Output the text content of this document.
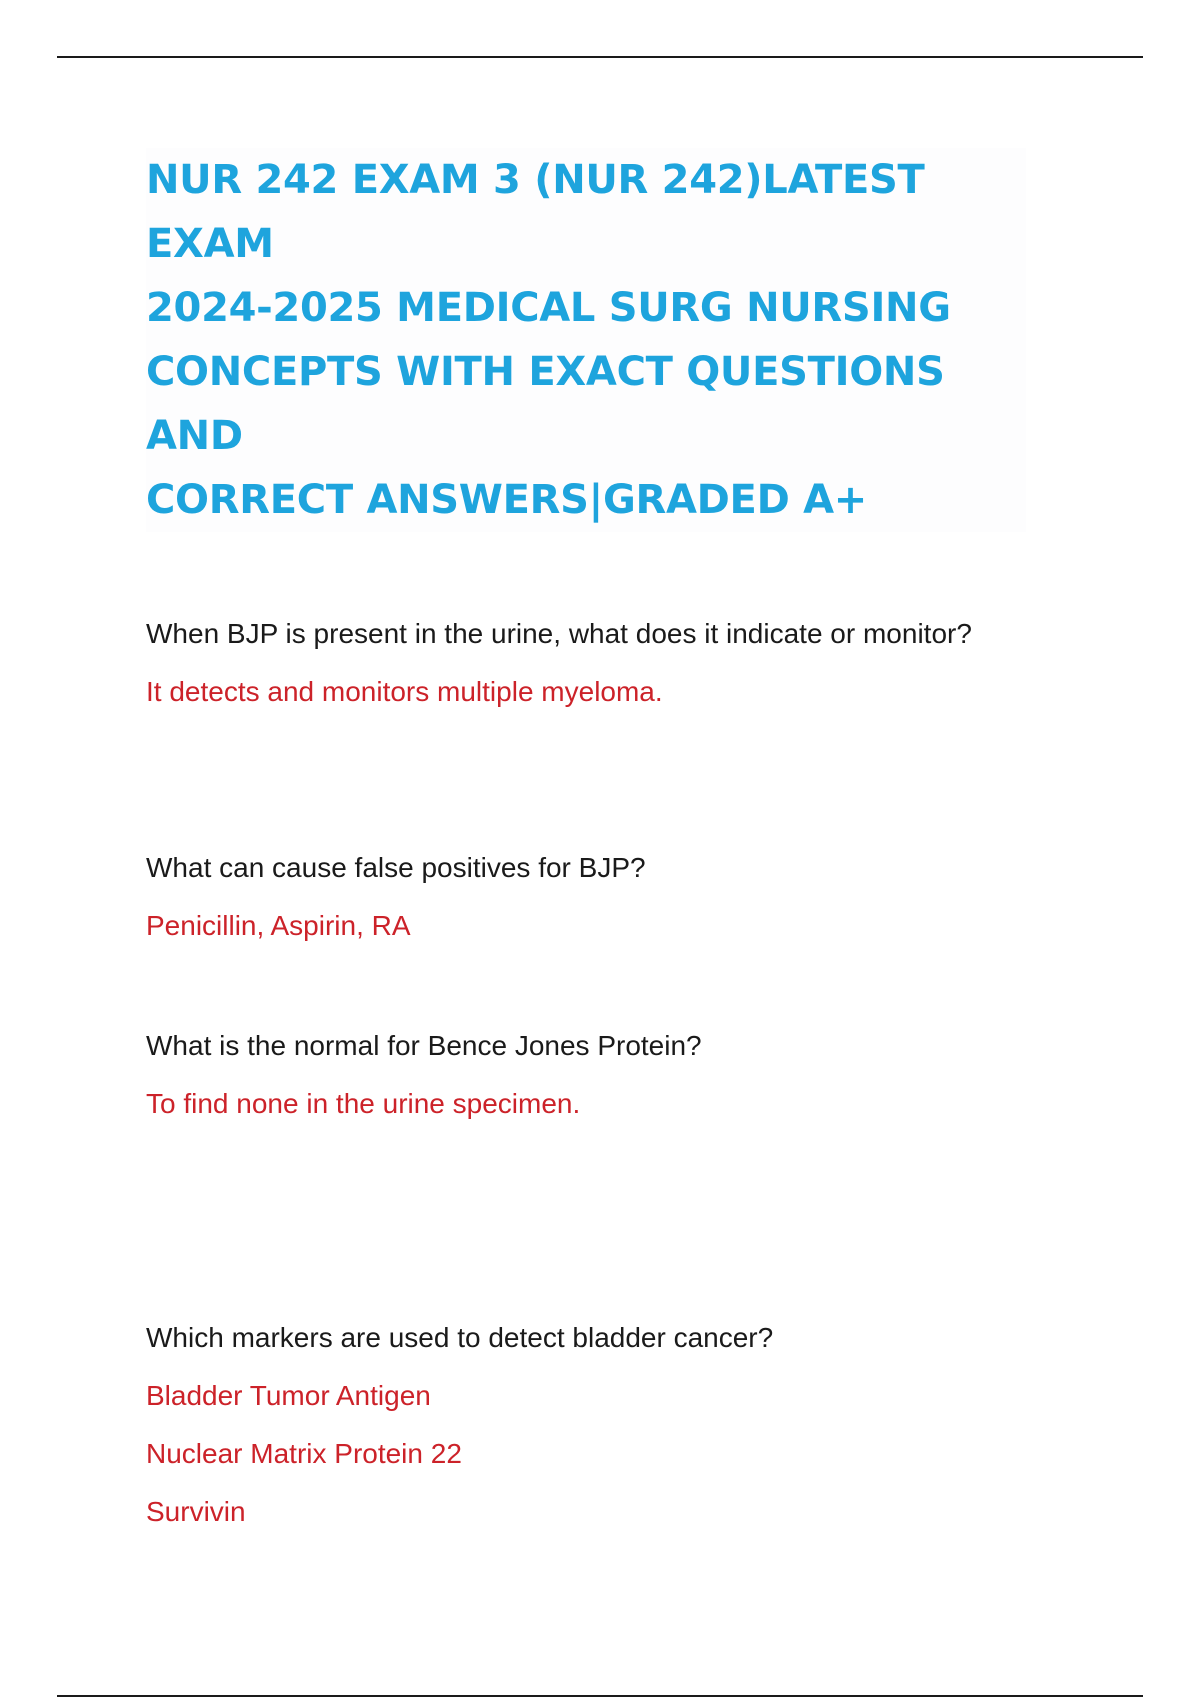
NUR 242 EXAM 3 (NUR 242)LATEST EXAM
2024-2025 MEDICAL SURG NURSING
CONCEPTS WITH EXACT QUESTIONS AND
CORRECT ANSWERS|GRADED A+

When BJP is present in the urine, what does it indicate or monitor?

It detects and monitors multiple myeloma.

What can cause false positives for BJP?

Penicillin, Aspirin, RA

What is the normal for Bence Jones Protein?

To find none in the urine specimen.

Which markers are used to detect bladder cancer?

Bladder Tumor Antigen

Nuclear Matrix Protein 22

Survivin
